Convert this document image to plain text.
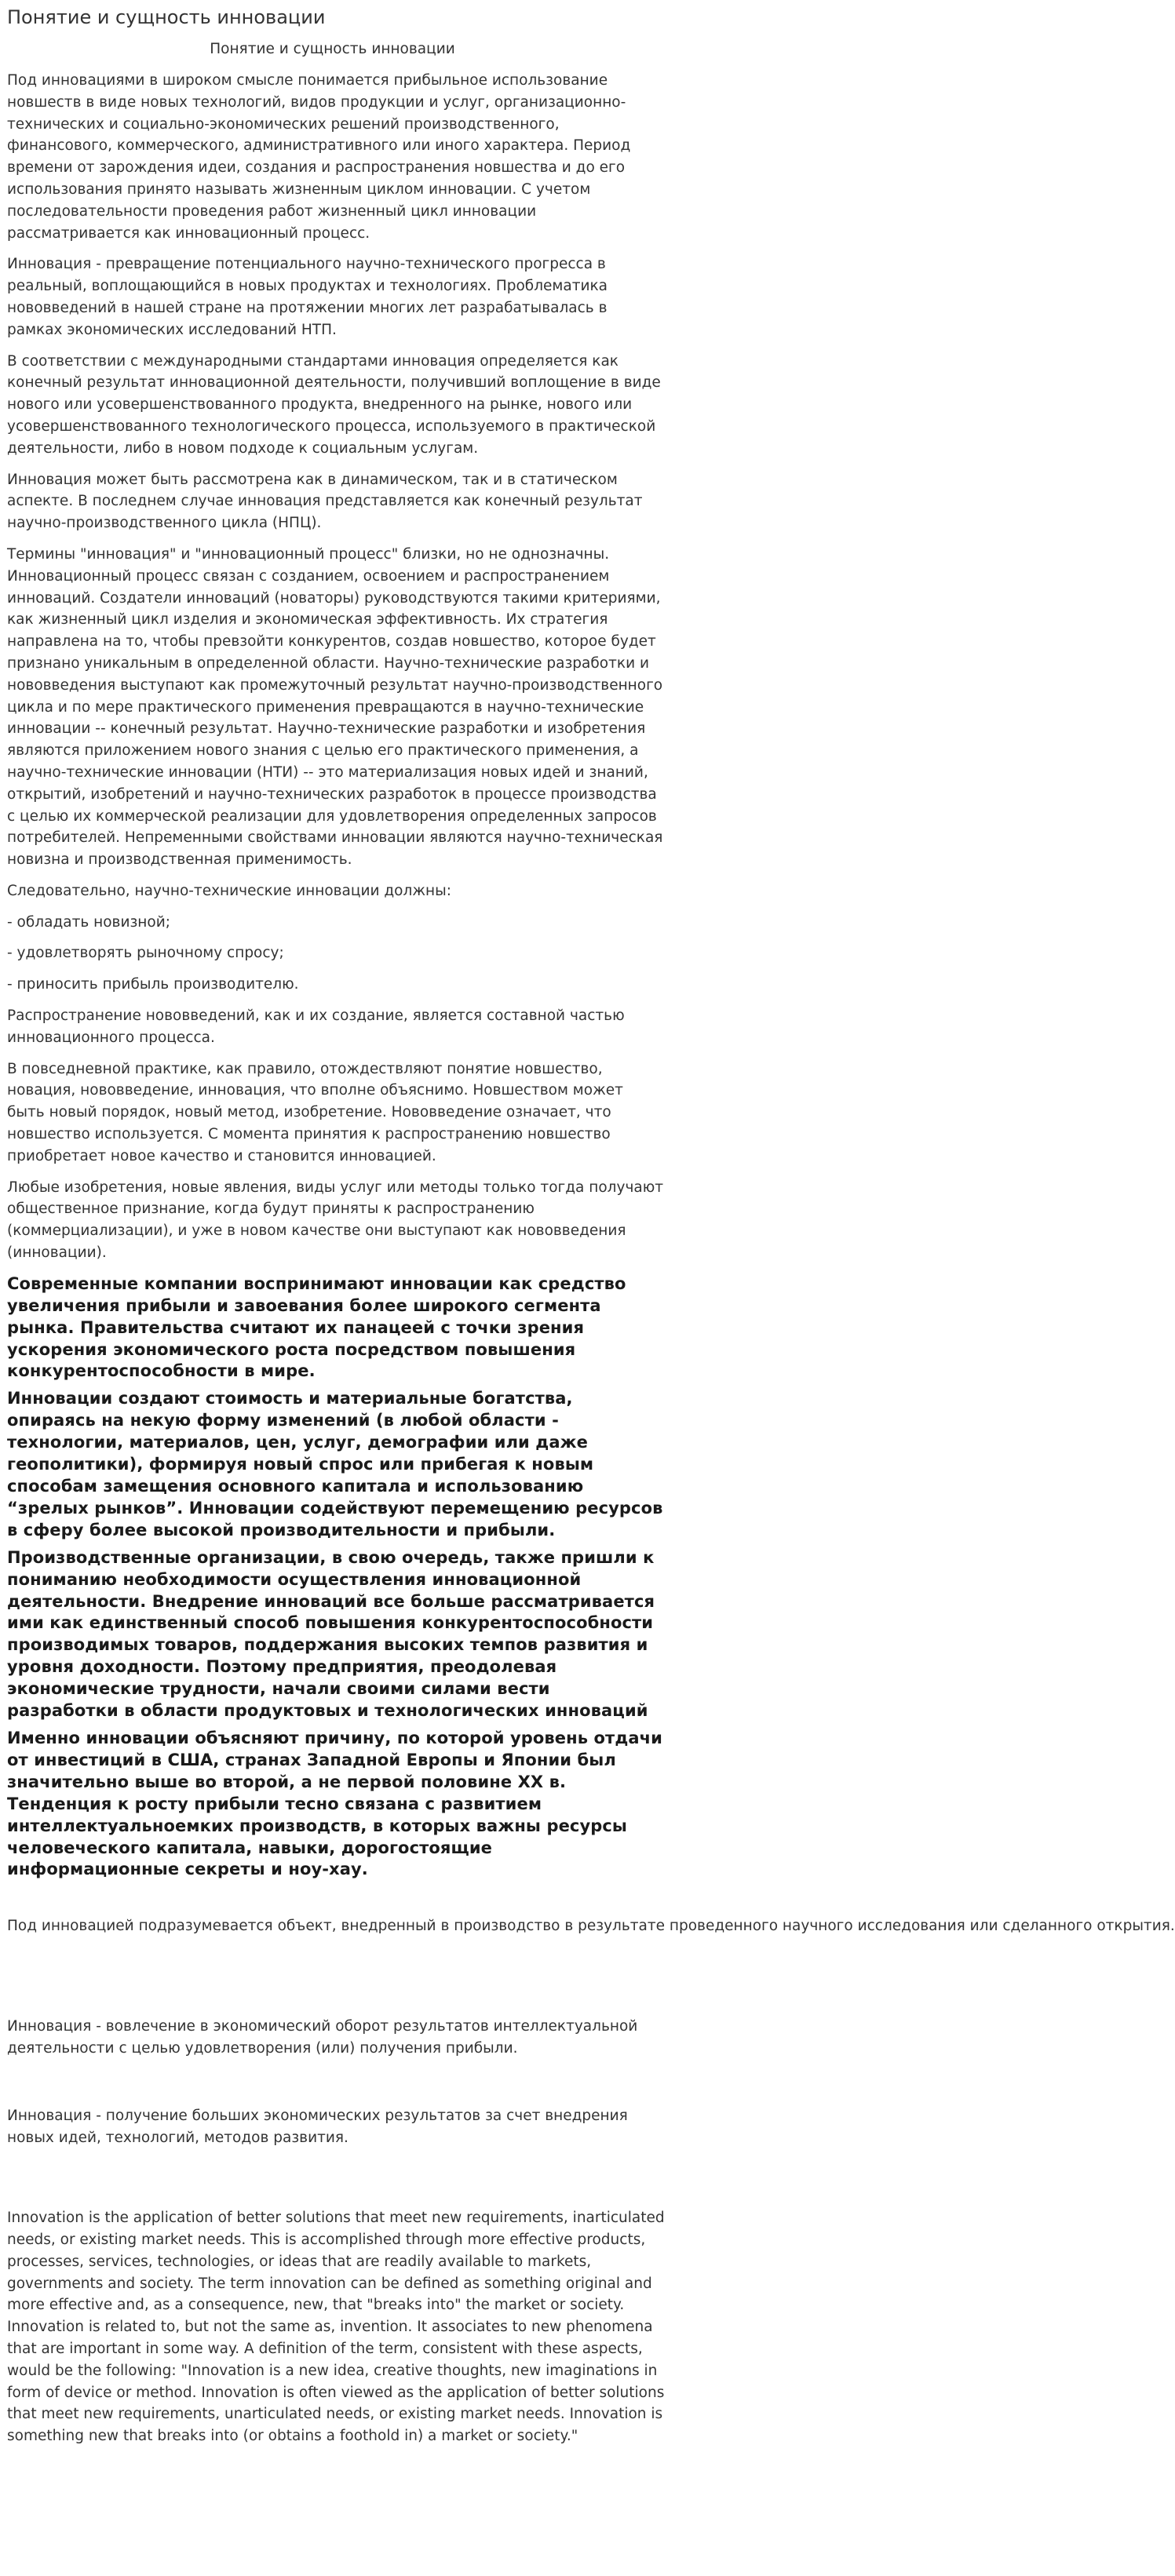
Понятие и сущность инновации
Понятие и сущность инновации

Под инновациями в широком смысле понимается прибыльное использование новшеств в виде новых технологий, видов продукции и услуг, организационно-технических и социально-экономических решений производственного, финансового, коммерческого, административного или иного характера. Период времени от зарождения идеи, создания и распространения новшества и до его использования принято называть жизненным циклом инновации. С учетом последовательности проведения работ жизненный цикл инновации рассматривается как инновационный процесс.

Инновация - превращение потенциального научно-технического прогресса в реальный, воплощающийся в новых продуктах и технологиях. Проблематика нововведений в нашей стране на протяжении многих лет разрабатывалась в рамках экономических исследований НТП.

В соответствии с международными стандартами инновация определяется как конечный результат инновационной деятельности, получивший воплощение в виде нового или усовершенствованного продукта, внедренного на рынке, нового или усовершенствованного технологического процесса, используемого в практической деятельности, либо в новом подходе к социальным услугам.

Инновация может быть рассмотрена как в динамическом, так и в статическом аспекте. В последнем случае инновация представляется как конечный результат научно-производственного цикла (НПЦ).

Термины "инновация" и "инновационный процесс" близки, но не однозначны. Инновационный процесс связан с созданием, освоением и распространением инноваций. Создатели инноваций (новаторы) руководствуются такими критериями, как жизненный цикл изделия и экономическая эффективность. Их стратегия направлена на то, чтобы превзойти конкурентов, создав новшество, которое будет признано уникальным в определенной области. Научно-технические разработки и нововведения выступают как промежуточный результат научно-производственного цикла и по мере практического применения превращаются в научно-технические инновации -- конечный результат. Научно-технические разработки и изобретения являются приложением нового знания с целью его практического применения, а научно-технические инновации (НТИ) -- это материализация новых идей и знаний, открытий, изобретений и научно-технических разработок в процессе производства с целью их коммерческой реализации для удовлетворения определенных запросов потребителей. Непременными свойствами инновации являются научно-техническая новизна и производственная применимость.

Следовательно, научно-технические инновации должны:

- обладать новизной;

- удовлетворять рыночному спросу;

- приносить прибыль производителю.

Распространение нововведений, как и их создание, является составной частью инновационного процесса.

В повседневной практике, как правило, отождествляют понятие новшество, новация, нововведение, инновация, что вполне объяснимо. Новшеством может быть новый порядок, новый метод, изобретение. Нововведение означает, что новшество используется. С момента принятия к распространению новшество приобретает новое качество и становится инновацией.

Любые изобретения, новые явления, виды услуг или методы только тогда получают общественное признание, когда будут приняты к распространению (коммерциализации), и уже в новом качестве они выступают как нововведения (инновации).

Современные компании воспринимают инновации как средство увеличения прибыли и завоевания более широкого сегмента рынка. Правительства считают их панацеей с точки зрения ускорения экономического роста посредством повышения конкурентоспособности в мире.

Инновации создают стоимость и материальные богатства, опираясь на некую форму изменений (в любой области - технологии, материалов, цен, услуг, демографии или даже геополитики), формируя новый спрос или прибегая к новым способам замещения основного капитала и использованию “зрелых рынков”. Инновации содействуют перемещению ресурсов в сферу более высокой производительности и прибыли.

Производственные организации, в свою очередь, также пришли к пониманию необходимости осуществления инновационной деятельности. Внедрение инноваций все больше рассматривается ими как единственный способ повышения конкурентоспособности производимых товаров, поддержания высоких темпов развития и уровня доходности. Поэтому предприятия, преодолевая экономические трудности, начали своими силами вести разработки в области продуктовых и технологических инноваций

Именно инновации объясняют причину, по которой уровень отдачи от инвестиций в США, странах Западной Европы и Японии был значительно выше во второй, а не первой половине XX в. Тенденция к росту прибыли тесно связана с развитием интеллектуальноемких производств, в которых важны ресурсы человеческого капитала, навыки, дорогостоящие информационные секреты и ноу-хау.

Под инновацией подразумевается объект, внедренный в производство в результате проведенного научного исследования или сделанного открытия.

Инновация - вовлечение в экономический оборот результатов интеллектуальной деятельности с целью удовлетворения (или) получения прибыли.

Инновация - получение больших экономических результатов за счет внедрения новых идей, технологий, методов развития.

Innovation is the application of better solutions that meet new requirements, inarticulated needs, or existing market needs. This is accomplished through more effective products, processes, services, technologies, or ideas that are readily available to markets, governments and society. The term innovation can be defined as something original and more effective and, as a consequence, new, that "breaks into" the market or society. Innovation is related to, but not the same as, invention. It associates to new phenomena that are important in some way. A definition of the term, consistent with these aspects, would be the following: "Innovation is a new idea, creative thoughts, new imaginations in form of device or method. Innovation is often viewed as the application of better solutions that meet new requirements, unarticulated needs, or existing market needs. Innovation is something new that breaks into (or obtains a foothold in) a market or society."
